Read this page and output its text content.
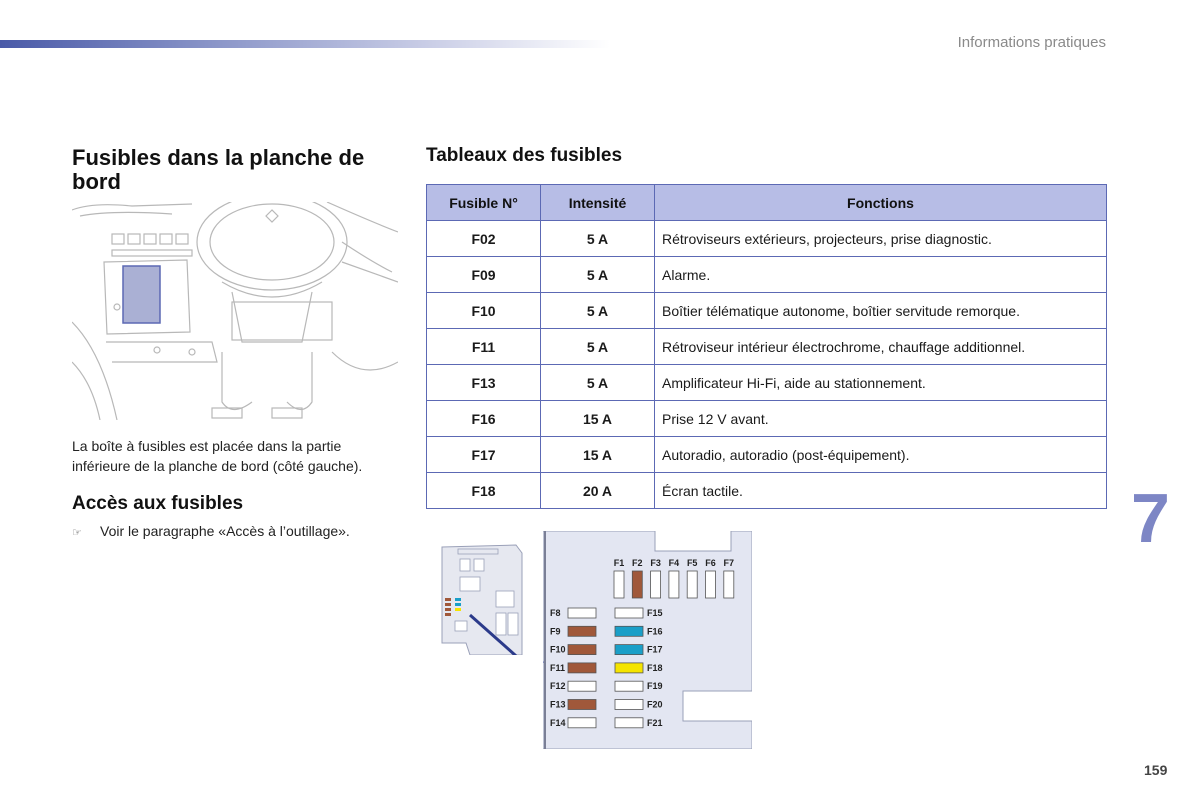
Informations pratiques
Fusibles dans la planche de bord

La boîte à fusibles est placée dans la partie inférieure de la planche de bord (côté gauche).

Accès aux fusibles
☞ Voir le paragraphe «Accès à l’outillage».
Tableaux des fusibles
Fusible N°	Intensité	Fonctions
F02	5 A	Rétroviseurs extérieurs, projecteurs, prise diagnostic.
F09	5 A	Alarme.
F10	5 A	Boîtier télématique autonome, boîtier servitude remorque.
F11	5 A	Rétroviseur intérieur électrochrome, chauffage additionnel.
F13	5 A	Amplificateur Hi-Fi, aide au stationnement.
F16	15 A	Prise 12 V avant.
F17	15 A	Autoradio, autoradio (post-équipement).
F18	20 A	Écran tactile.	7
F1 F2 F3 F4 F5 F6 F7
F8
F9
F10
F11
F12
F13
F14
F15
F16
F17
F18
F19
F20
F21
159
